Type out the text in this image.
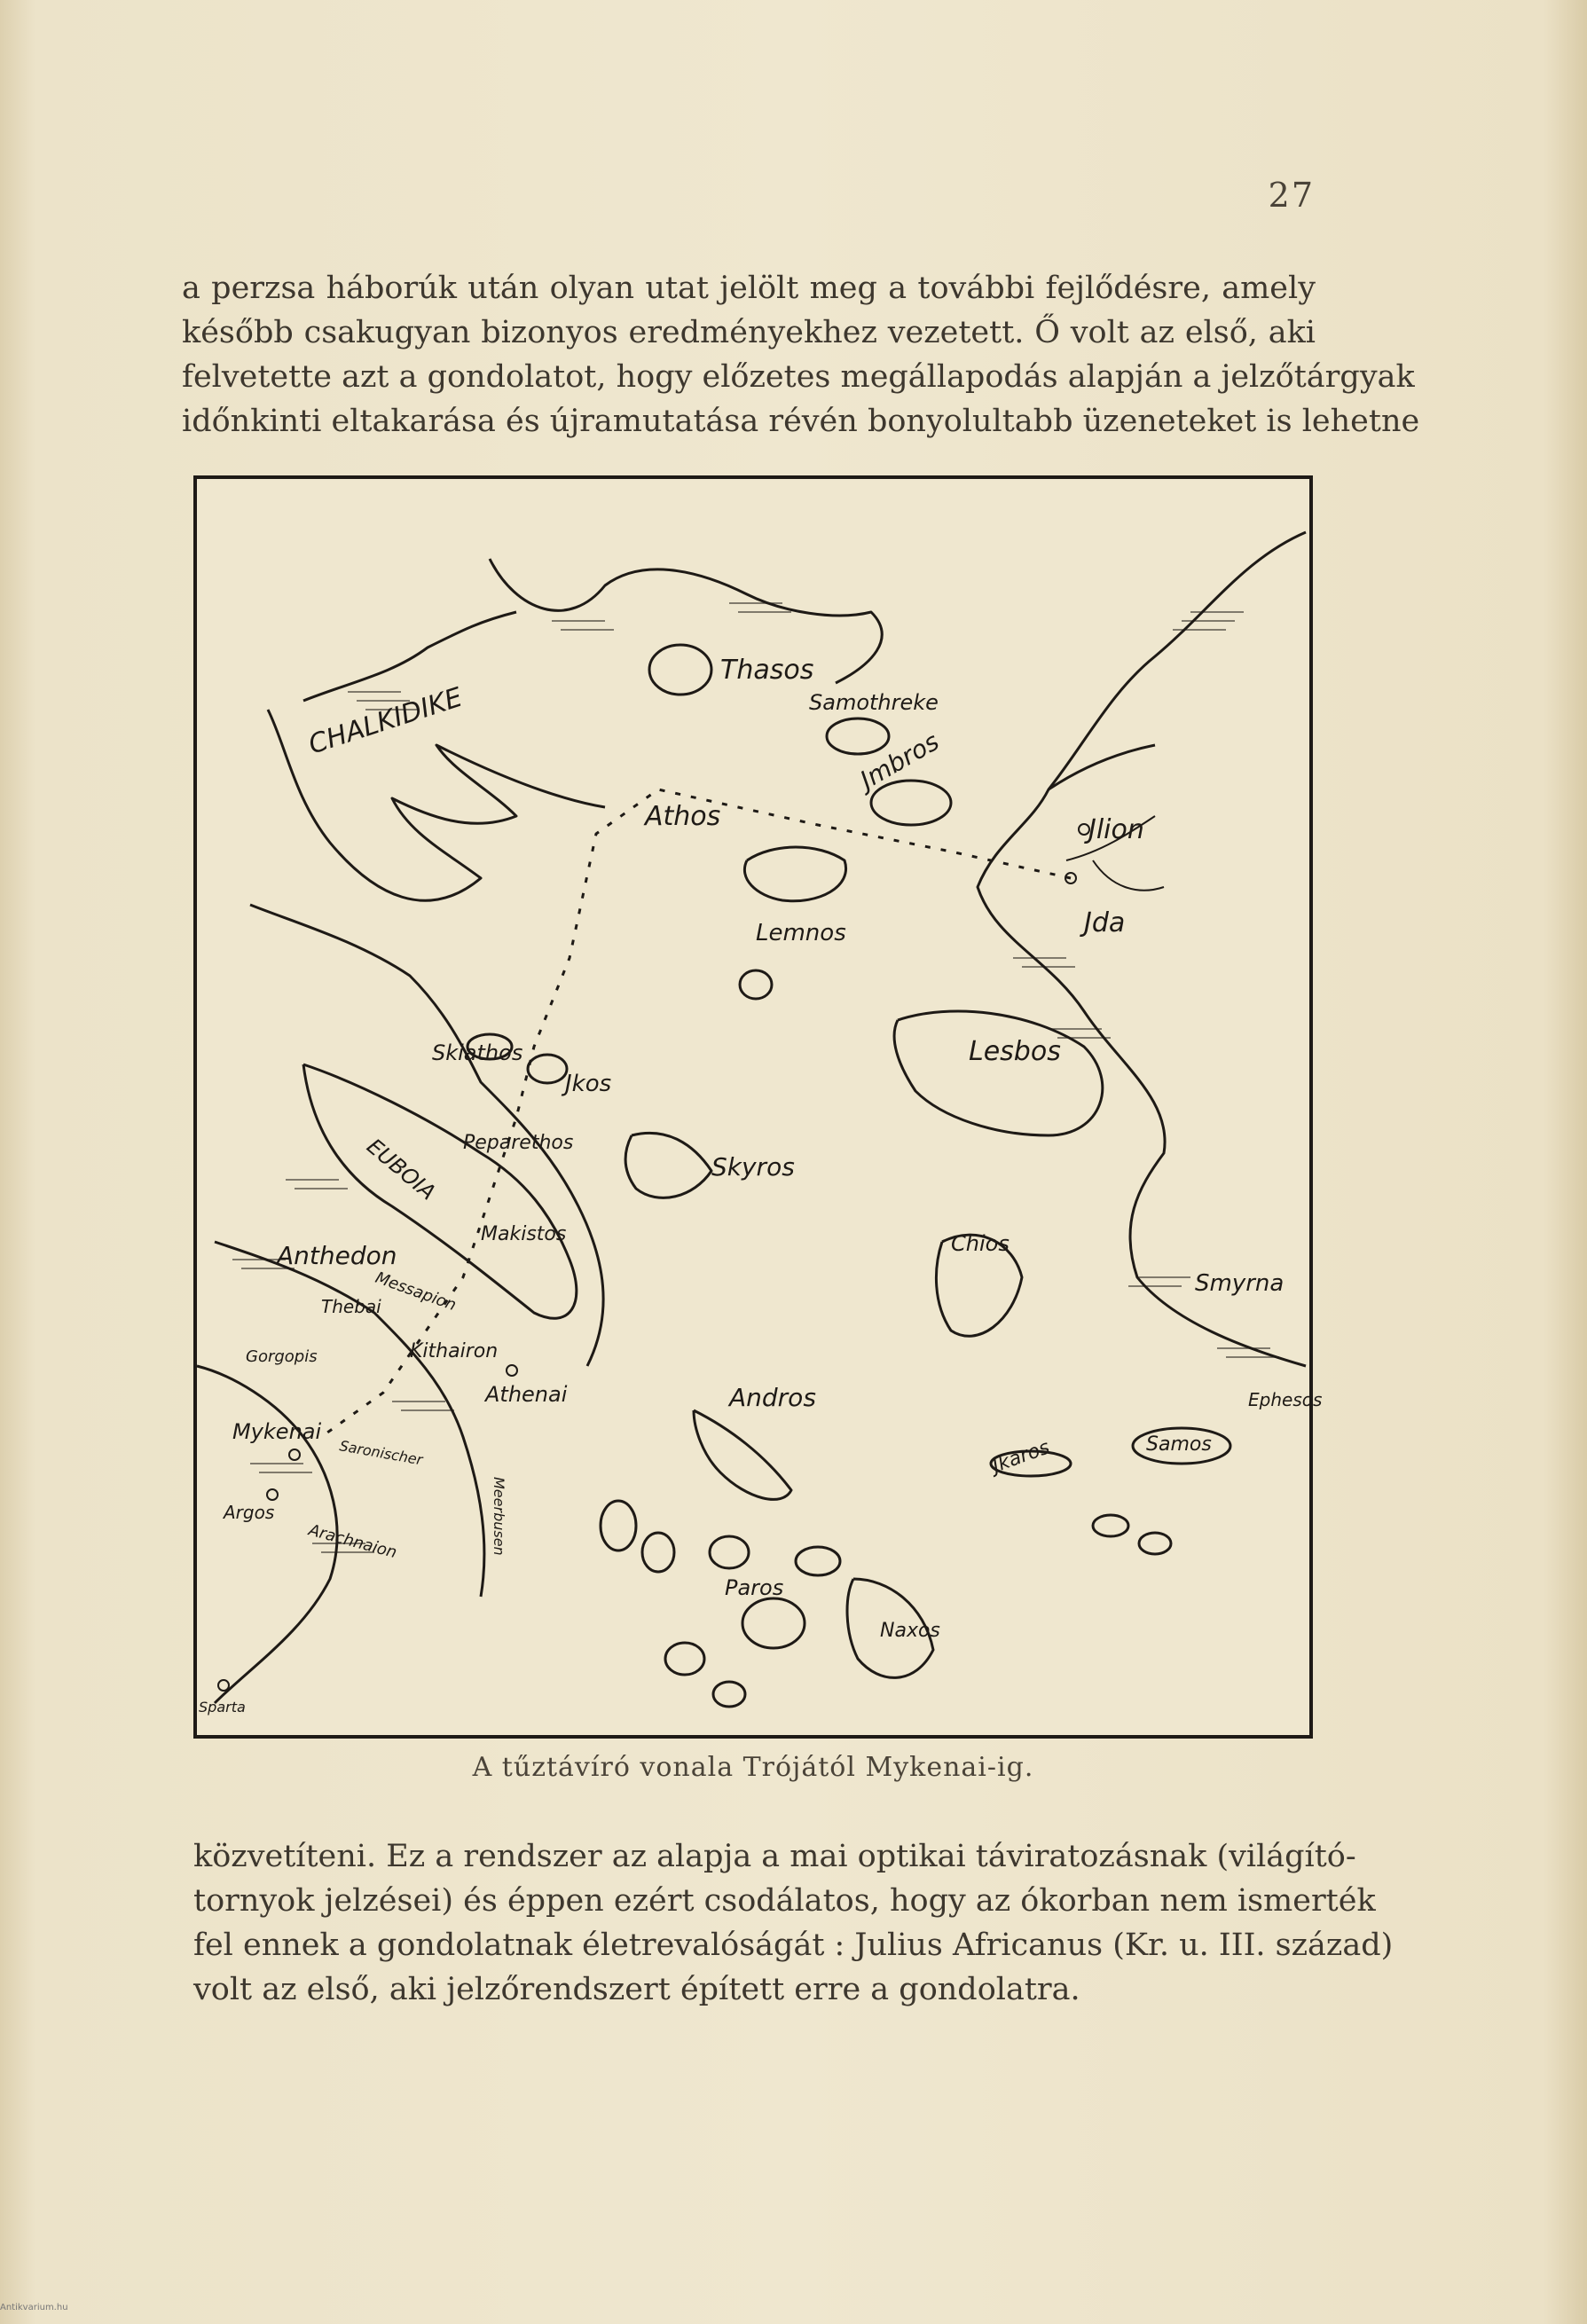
27

a perzsa háborúk után olyan utat jelölt meg a további fejlődésre, amely

később csakugyan bizonyos eredményekhez vezetett. Ő volt az első, aki

felvetette azt a gondolatot, hogy előzetes megállapodás alapján a jelzőtárgyak

időnkinti eltakarása és újramutatása révén bonyolultabb üzeneteket is lehetne

CHALKIDIKE
Thasos
Samothreke
Jmbros
Athos	Jlion
Lemnos	Jda
Lesbos
Skiathos
Jkos
Peparethos
Skyros
EUBOIA
Makistos
Anthedon
Messapion
Thebai
Kithairon
Gorgopis
Athenai
Mykenai
Argos
Arachnaion
Saronischer
Meerbusen
Andros
Chios
Smyrna
Ephesos
Samos
Jkaros
Paros
Naxos
Sparta
A tűztávíró vonala Trójától Mykenai-ig.

közvetíteni. Ez a rendszer az alapja a mai optikai táviratozásnak (világító-

tornyok jelzései) és éppen ezért csodálatos, hogy az ókorban nem ismerték

fel ennek a gondolatnak életrevalóságát : Julius Africanus (Kr. u. III. század)

volt az első, aki jelzőrendszert épített erre a gondolatra.

Antikvarium.hu
